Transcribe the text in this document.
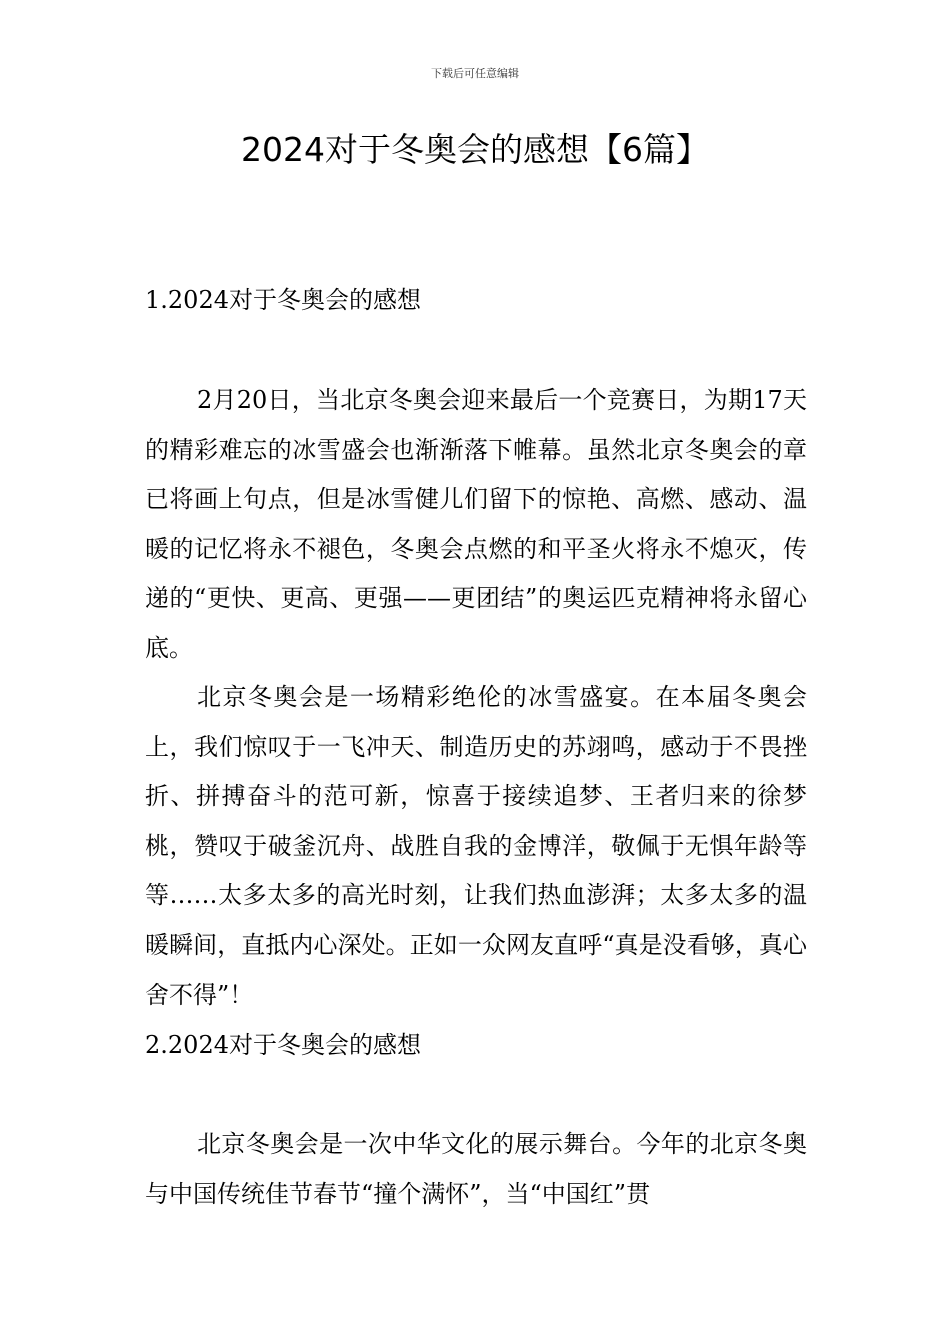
下载后可任意编辑
2024对于冬奥会的感想【6篇】
1.2024对于冬奥会的感想

2月20日，当北京冬奥会迎来最后一个竞赛日，为期17天的精彩难忘的冰雪盛会也渐渐落下帷幕。虽然北京冬奥会的章已将画上句点，但是冰雪健儿们留下的惊艳、高燃、感动、温暖的记忆将永不褪色，冬奥会点燃的和平圣火将永不熄灭，传递的“更快、更高、更强——更团结”的奥运匹克精神将永留心底。

北京冬奥会是一场精彩绝伦的冰雪盛宴。在本届冬奥会上，我们惊叹于一飞冲天、制造历史的苏翊鸣，感动于不畏挫折、拼搏奋斗的范可新，惊喜于接续追梦、王者归来的徐梦桃，赞叹于破釜沉舟、战胜自我的金博洋，敬佩于无惧年龄等等……太多太多的高光时刻，让我们热血澎湃；太多太多的温暖瞬间，直抵内心深处。正如一众网友直呼“真是没看够，真心舍不得”！

2.2024对于冬奥会的感想

北京冬奥会是一次中华文化的展示舞台。今年的北京冬奥与中国传统佳节春节“撞个满怀”，当“中国红”贯
